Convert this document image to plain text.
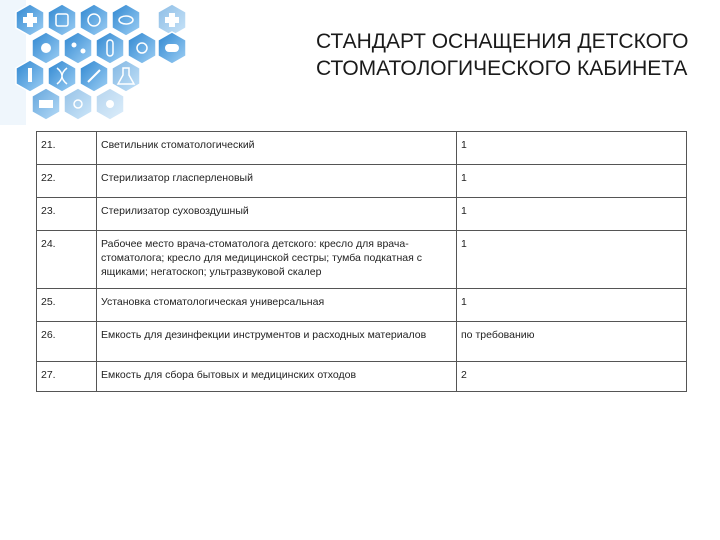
СТАНДАРТ ОСНАЩЕНИЯ ДЕТСКОГО
СТОМАТОЛОГИЧЕСКОГО КАБИНЕТА
21.	Светильник стоматологический	1
22.	Стерилизатор гласперленовый	1
23.	Стерилизатор суховоздушный	1
24.	Рабочее место врача-стоматолога детского: кресло для врача-стоматолога; кресло для медицинской сестры; тумба подкатная с ящиками; негатоскоп; ультразвуковой скалер	1
25.	Установка стоматологическая универсальная	1
26.	Емкость для дезинфекции инструментов и расходных материалов	по требованию
27.	Емкость для сбора бытовых и медицинских отходов	2
